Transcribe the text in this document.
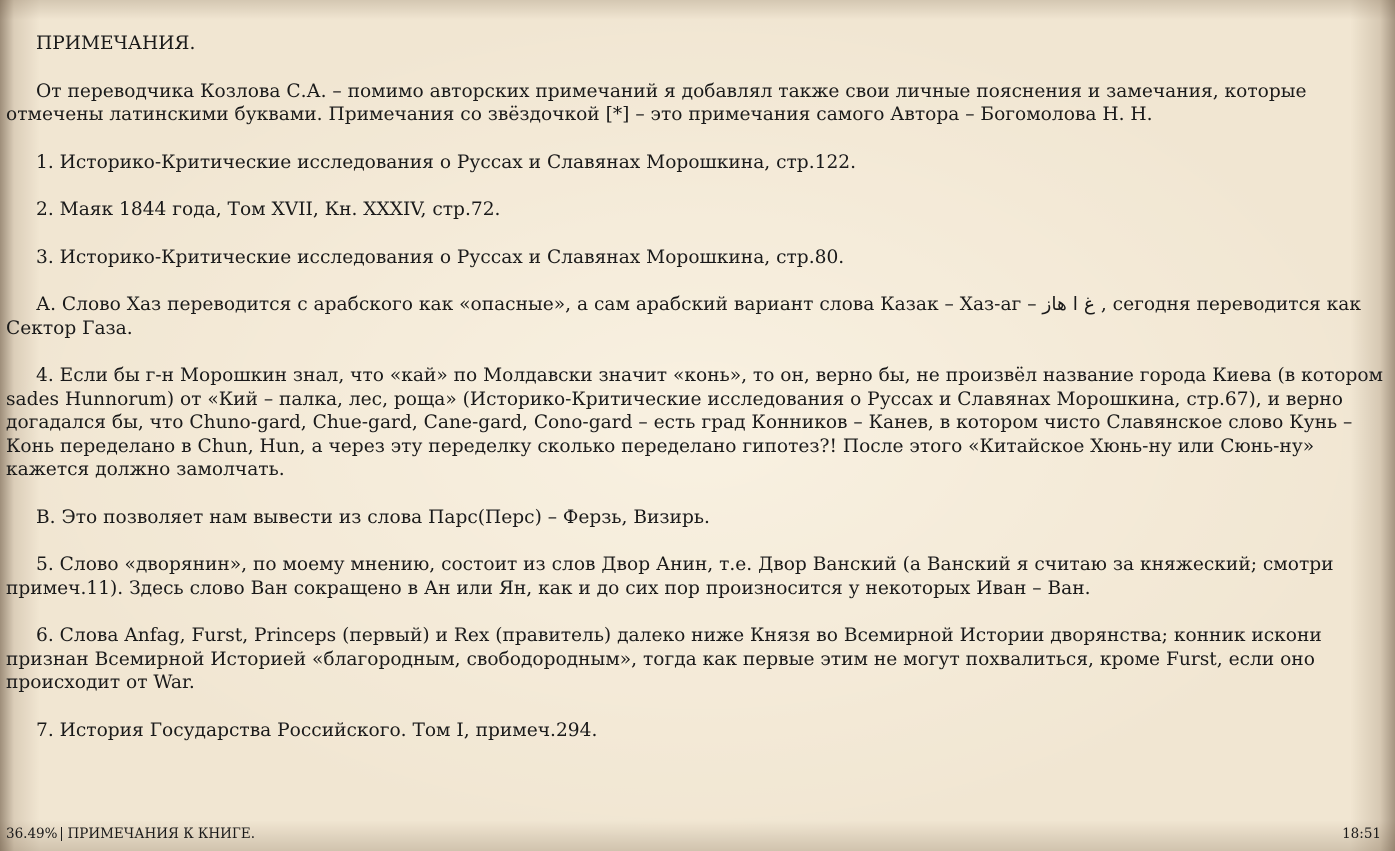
ПРИМЕЧАНИЯ.

От переводчика Козлова С.А. – помимо авторских примечаний я добавлял также свои личные пояснения и замечания, которые отмечены латинскими буквами. Примечания со звёздочкой [*] – это примечания самого Автора – Богомолова Н. Н.

1. Историко-Критические исследования о Руссах и Славянах Морошкина, стр.122.

2. Маяк 1844 года, Том XVII, Кн. XXXIV, стр.72.

3. Историко-Критические исследования о Руссах и Славянах Морошкина, стр.80.

А. Слово Хаз переводится с арабского как «опасные», а сам арабский вариант слова Казак – Хаз-аг – غ ا هاز , сегодня переводится как Сектор Газа.

4. Если бы г-н Морошкин знал, что «кай» по Молдавски значит «конь», то он, верно бы, не произвёл название города Киева (в котором sades Hunnorum) от «Кий – палка, лес, роща» (Историко-Критические исследования о Руссах и Славянах Морошкина, стр.67), и верно догадался бы, что Chuno-gard, Chue-gard, Cane-gard, Cono-gard – есть град Конников – Канев, в котором чисто Славянское слово Кунь – Конь переделано в Chun, Hun, а через эту переделку сколько переделано гипотез?! После этого «Китайское Хюнь-ну или Сюнь-ну» кажется должно замолчать.

В. Это позволяет нам вывести из слова Парс(Перс) – Ферзь, Визирь.

5. Слово «дворянин», по моему мнению, состоит из слов Двор Анин, т.е. Двор Ванский (а Ванский я считаю за княжеский; смотри примеч.11). Здесь слово Ван сокращено в Ан или Ян, как и до сих пор произносится у некоторых Иван – Ван.

6. Слова Anfag, Furst, Princeps (первый) и Rex (правитель) далеко ниже Князя во Всемирной Истории дворянства; конник искони признан Всемирной Историей «благородным, свободородным», тогда как первые этим не могут похвалиться, кроме Furst, если оно происходит от War.

7. История Государства Российского. Том I, примеч.294.

36.49% ПРИМЕЧАНИЯ К КНИГЕ.	18:51
